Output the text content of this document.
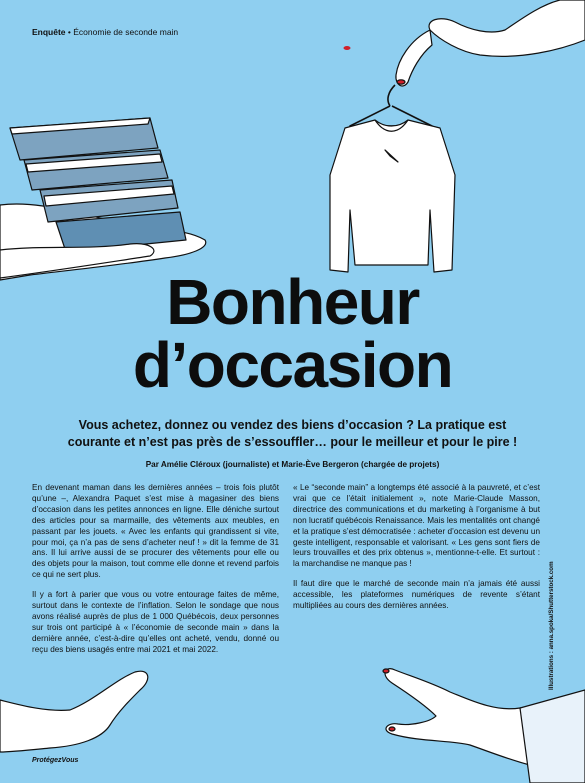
Enquête • Économie de seconde main
Bonheur
d’occasion
Vous achetez, donnez ou vendez des biens d’occasion ? La pratique est
courante et n’est pas près de s’essouffler… pour le meilleur et pour le pire !
Par Amélie Cléroux (journaliste) et Marie-Ève Bergeron (chargée de projets)

En devenant maman dans les dernières années – trois fois plutôt qu’une –, Alexandra Paquet s’est mise à magasiner des biens d’occasion dans les petites annonces en ligne. Elle déniche surtout des articles pour sa marmaille, des vêtements aux meubles, en passant par les jouets. « Avec les enfants qui grandissent si vite, pour moi, ça n’a pas de sens d’acheter neuf ! » dit la femme de 31 ans. Il lui arrive aussi de se procurer des vêtements pour elle ou des objets pour la maison, tout comme elle donne et revend parfois ce qui ne sert plus.

Il y a fort à parier que vous ou votre entourage faites de même, surtout dans le contexte de l’inflation. Selon le sondage que nous avons réalisé auprès de plus de 1 000 Québécois, deux personnes sur trois ont participé à « l’économie de seconde main » dans la dernière année, c’est-à-dire qu’elles ont acheté, vendu, donné ou reçu des biens usagés entre mai 2021 et mai 2022.

« Le “seconde main” a longtemps été associé à la pauvreté, et c’est vrai que ce l’était initialement », note Marie-Claude Masson, directrice des communications et du marketing à l’organisme à but non lucratif québécois Renaissance. Mais les mentalités ont changé et la pratique s’est démocratisée : acheter d’occasion est devenu un geste intelligent, responsable et valorisant. « Les gens sont fiers de leurs trouvailles et des prix obtenus », mentionne-t-elle. Et surtout : la marchandise ne manque pas !

Il faut dire que le marché de seconde main n’a jamais été aussi accessible, les plateformes numériques de revente s’étant multipliées au cours des dernières années.	Illustrations : anna.spoka/Shutterstock.com
ProtégezVous
